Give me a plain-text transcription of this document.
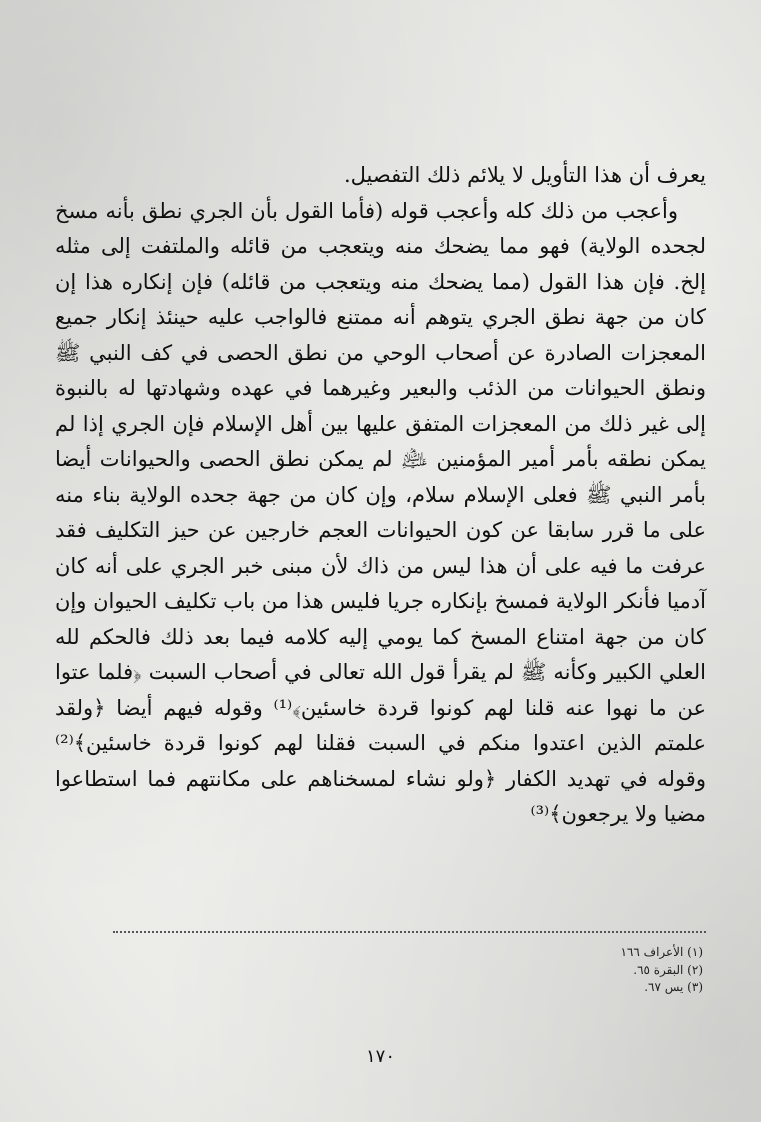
يعرف أن هذا التأويل لا يلائم ذلك التفصيل.

وأعجب من ذلك كله وأعجب قوله (فأما القول بأن الجري نطق بأنه مسخ لجحده الولاية) فهو مما يضحك منه ويتعجب من قائله والملتفت إلى مثله إلخ. فإن هذا القول (مما يضحك منه ويتعجب من قائله) فإن إنكاره هذا إن كان من جهة نطق الجري يتوهم أنه ممتنع فالواجب عليه حينئذ إنكار جميع المعجزات الصادرة عن أصحاب الوحي من نطق الحصى في كف النبي ﷺ ونطق الحيوانات من الذئب والبعير وغيرهما في عهده وشهادتها له بالنبوة إلى غير ذلك من المعجزات المتفق عليها بين أهل الإسلام فإن الجري إذا لم يمكن نطقه بأمر أمير المؤمنين ﵇ لم يمكن نطق الحصى والحيوانات أيضا بأمر النبي ﷺ فعلى الإسلام سلام، وإن كان من جهة جحده الولاية بناء منه على ما قرر سابقا عن كون الحيوانات العجم خارجين عن حيز التكليف فقد عرفت ما فيه على أن هذا ليس من ذاك لأن مبنى خبر الجري على أنه كان آدميا فأنكر الولاية فمسخ بإنكاره جريا فليس هذا من باب تكليف الحيوان وإن كان من جهة امتناع المسخ كما يومي إليه كلامه فيما بعد ذلك فالحكم لله العلي الكبير وكأنه ﷺ لم يقرأ قول الله تعالى في أصحاب السبت ﴿فلما عتوا عن ما نهوا عنه قلنا لهم كونوا قردة خاسئين﴾⁽¹⁾ وقوله فيهم أيضا ﴿ولقد علمتم الذين اعتدوا منكم في السبت فقلنا لهم كونوا قردة خاسئين﴾⁽²⁾ وقوله في تهديد الكفار ﴿ولو نشاء لمسخناهم على مكانتهم فما استطاعوا مضيا ولا يرجعون﴾⁽³⁾

(١) الأعراف ١٦٦
(٢) البقرة ٦٥.
(٣) يس ٦٧.
١٧٠
